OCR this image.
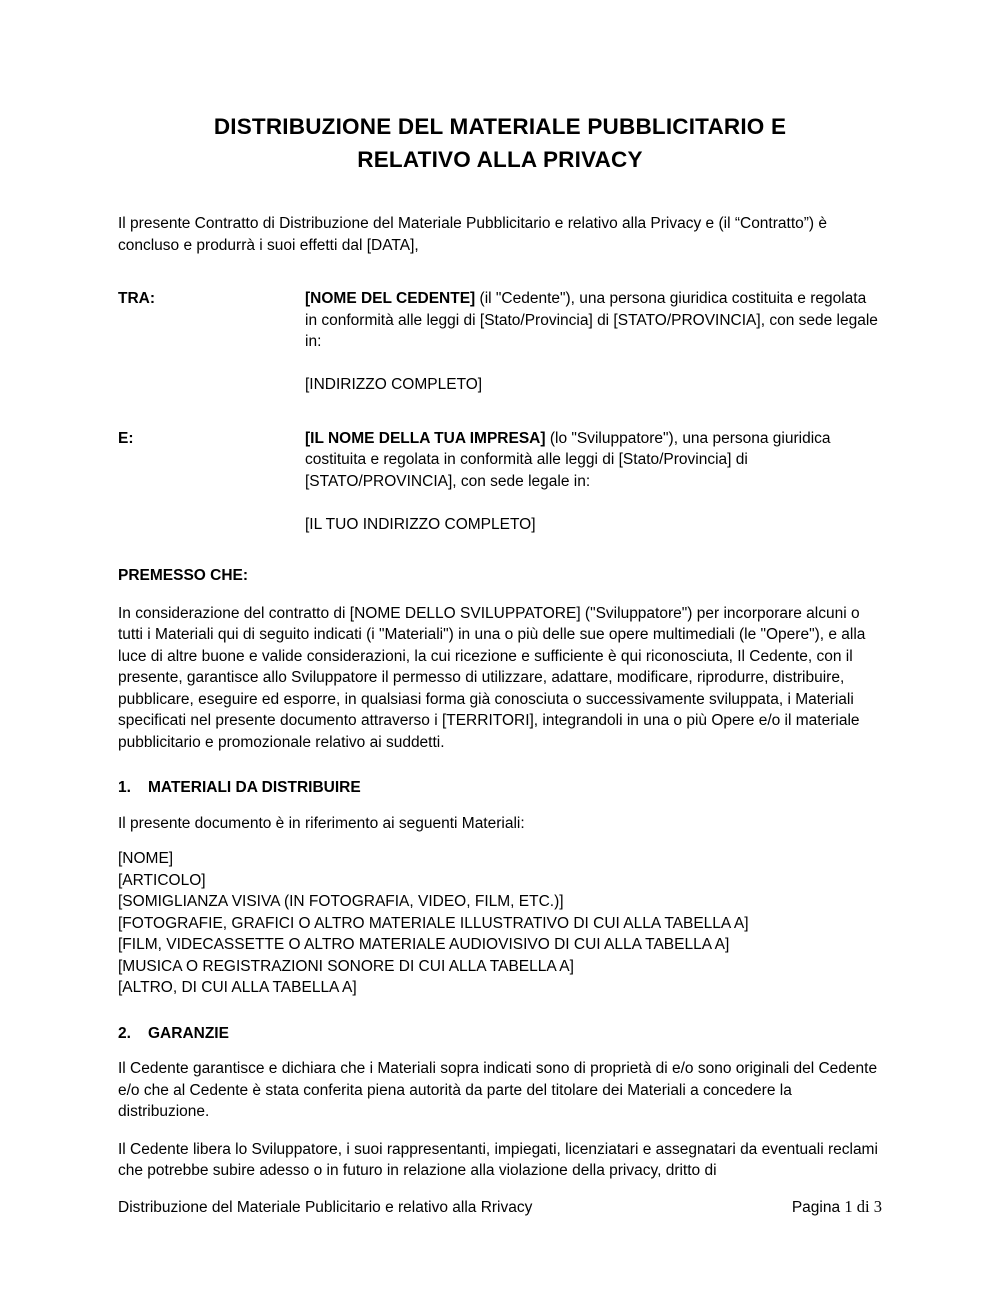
DISTRIBUZIONE DEL MATERIALE PUBBLICITARIO E
RELATIVO ALLA PRIVACY

Il presente Contratto di Distribuzione del Materiale Pubblicitario e relativo alla Privacy e (il “Contratto”) è concluso e produrrà i suoi effetti dal [DATA],

TRA:	[NOME DEL CEDENTE] (il "Cedente"), una persona giuridica costituita e regolata in conformità alle leggi di [Stato/Provincia] di [STATO/PROVINCIA], con sede legale in:

[INDIRIZZO COMPLETO]

E:	[IL NOME DELLA TUA IMPRESA] (lo "Sviluppatore"), una persona giuridica costituita e regolata in conformità alle leggi di [Stato/Provincia] di [STATO/PROVINCIA], con sede legale in:

[IL TUO INDIRIZZO COMPLETO]

PREMESSO CHE:

In considerazione del contratto di [NOME DELLO SVILUPPATORE] ("Sviluppatore") per incorporare alcuni o tutti i Materiali qui di seguito indicati (i "Materiali") in una o più delle sue opere multimediali (le "Opere"), e alla luce di altre buone e valide considerazioni, la cui ricezione e sufficiente è qui riconosciuta, Il Cedente, con il presente, garantisce allo Sviluppatore il permesso di utilizzare, adattare, modificare, riprodurre, distribuire, pubblicare, eseguire ed esporre, in qualsiasi forma già conosciuta o successivamente sviluppata, i Materiali specificati nel presente documento attraverso i [TERRITORI], integrandoli in una o più Opere e/o il materiale pubblicitario e promozionale relativo ai suddetti.

1. MATERIALI DA DISTRIBUIRE

Il presente documento è in riferimento ai seguenti Materiali:

[NOME]

[ARTICOLO]

[SOMIGLIANZA VISIVA (IN FOTOGRAFIA, VIDEO, FILM, ETC.)]

[FOTOGRAFIE, GRAFICI O ALTRO MATERIALE ILLUSTRATIVO DI CUI ALLA TABELLA A]

[FILM, VIDECASSETTE O ALTRO MATERIALE AUDIOVISIVO DI CUI ALLA TABELLA A]

[MUSICA O REGISTRAZIONI SONORE DI CUI ALLA TABELLA A]

[ALTRO, DI CUI ALLA TABELLA A]

2. GARANZIE

Il Cedente garantisce e dichiara che i Materiali sopra indicati sono di proprietà di e/o sono originali del Cedente e/o che al Cedente è stata conferita piena autorità da parte del titolare dei Materiali a concedere la distribuzione.

Il Cedente libera lo Sviluppatore, i suoi rappresentanti, impiegati, licenziatari e assegnatari da eventuali reclami che potrebbe subire adesso o in futuro in relazione alla violazione della privacy, dritto di

Distribuzione del Materiale Publicitario e relativo alla Rrivacy	Pagina 1 di 3
